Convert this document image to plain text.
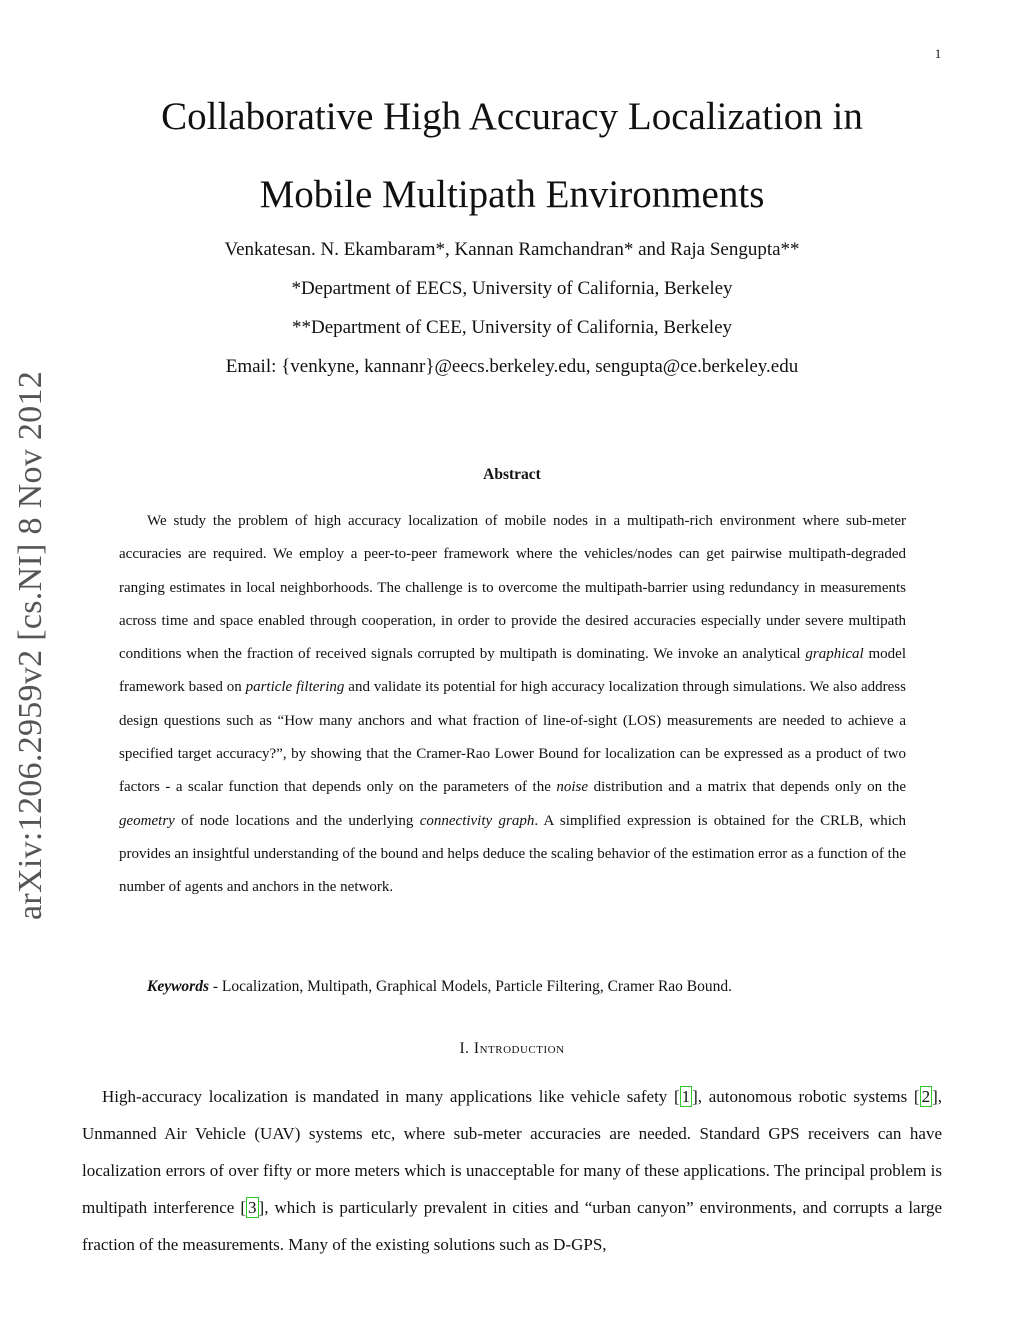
1
Collaborative High Accuracy Localization in
Mobile Multipath Environments
Venkatesan. N. Ekambaram*, Kannan Ramchandran* and Raja Sengupta**
*Department of EECS, University of California, Berkeley
**Department of CEE, University of California, Berkeley
Email: {venkyne, kannanr}@eecs.berkeley.edu, sengupta@ce.berkeley.edu
arXiv:1206.2959v2 [cs.NI] 8 Nov 2012	Abstract
We study the problem of high accuracy localization of mobile nodes in a multipath-rich environment where sub-meter accuracies are required. We employ a peer-to-peer framework where the vehicles/nodes can get pairwise multipath-degraded ranging estimates in local neighborhoods. The challenge is to overcome the multipath-barrier using redundancy in measurements across time and space enabled through cooperation, in order to provide the desired accuracies especially under severe multipath conditions when the fraction of received signals corrupted by multipath is dominating. We invoke an analytical graphical model framework based on particle filtering and validate its potential for high accuracy localization through simulations. We also address design questions such as “How many anchors and what fraction of line-of-sight (LOS) measurements are needed to achieve a specified target accuracy?”, by showing that the Cramer-Rao Lower Bound for localization can be expressed as a product of two factors - a scalar function that depends only on the parameters of the noise distribution and a matrix that depends only on the geometry of node locations and the underlying connectivity graph. A simplified expression is obtained for the CRLB, which provides an insightful understanding of the bound and helps deduce the scaling behavior of the estimation error as a function of the number of agents and anchors in the network.
Keywords - Localization, Multipath, Graphical Models, Particle Filtering, Cramer Rao Bound.
I. Introduction
High-accuracy localization is mandated in many applications like vehicle safety [ 1 ], autonomous robotic systems [ 2 ], Unmanned Air Vehicle (UAV) systems etc, where sub-meter accuracies are needed. Standard GPS receivers can have localization errors of over fifty or more meters which is unacceptable for many of these applications. The principal problem is multipath interference [ 3 ], which is particularly prevalent in cities and “urban canyon” environments, and corrupts a large fraction of the measurements. Many of the existing solutions such as D-GPS,
